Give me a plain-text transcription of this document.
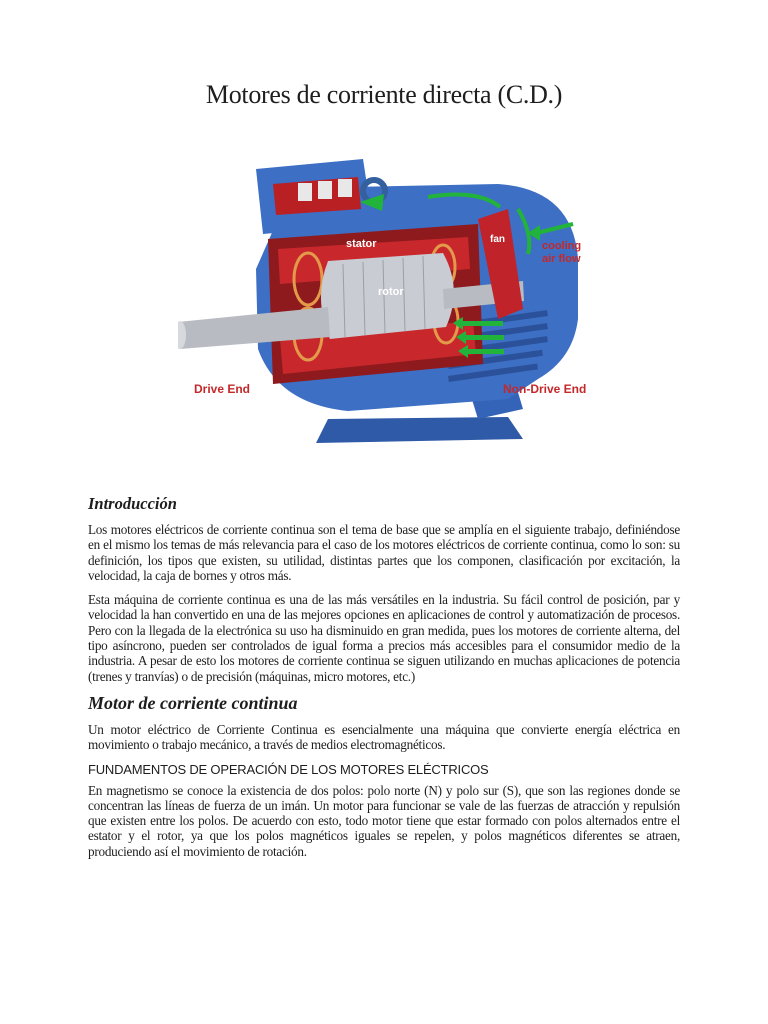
Motores de corriente directa (C.D.)
stator
rotor
fan
cooling
air flow
Drive End	Non-Drive End
Introducción

Los motores eléctricos de corriente continua son el tema de base que se amplía en el siguiente trabajo, definiéndose en el mismo los temas de más relevancia para el caso de los motores eléctricos de corriente continua, como lo son: su definición, los tipos que existen, su utilidad, distintas partes que los componen, clasificación por excitación, la velocidad, la caja de bornes y otros más.

Esta máquina de corriente continua es una de las más versátiles en la industria. Su fácil control de posición, par y velocidad la han convertido en una de las mejores opciones en aplicaciones de control y automatización de procesos. Pero con la llegada de la electrónica su uso ha disminuido en gran medida, pues los motores de corriente alterna, del tipo asíncrono, pueden ser controlados de igual forma a precios más accesibles para el consumidor medio de la industria. A pesar de esto los motores de corriente continua se siguen utilizando en muchas aplicaciones de potencia (trenes y tranvías) o de precisión (máquinas, micro motores, etc.)

Motor de corriente continua

Un motor eléctrico de Corriente Continua es esencialmente una máquina que convierte energía eléctrica en movimiento o trabajo mecánico, a través de medios electromagnéticos.

FUNDAMENTOS DE OPERACIÓN DE LOS MOTORES ELÉCTRICOS

En magnetismo se conoce la existencia de dos polos: polo norte (N) y polo sur (S), que son las regiones donde se concentran las líneas de fuerza de un imán. Un motor para funcionar se vale de las fuerzas de atracción y repulsión que existen entre los polos. De acuerdo con esto, todo motor tiene que estar formado con polos alternados entre el estator y el rotor, ya que los polos magnéticos iguales se repelen, y polos magnéticos diferentes se atraen, produciendo así el movimiento de rotación.
